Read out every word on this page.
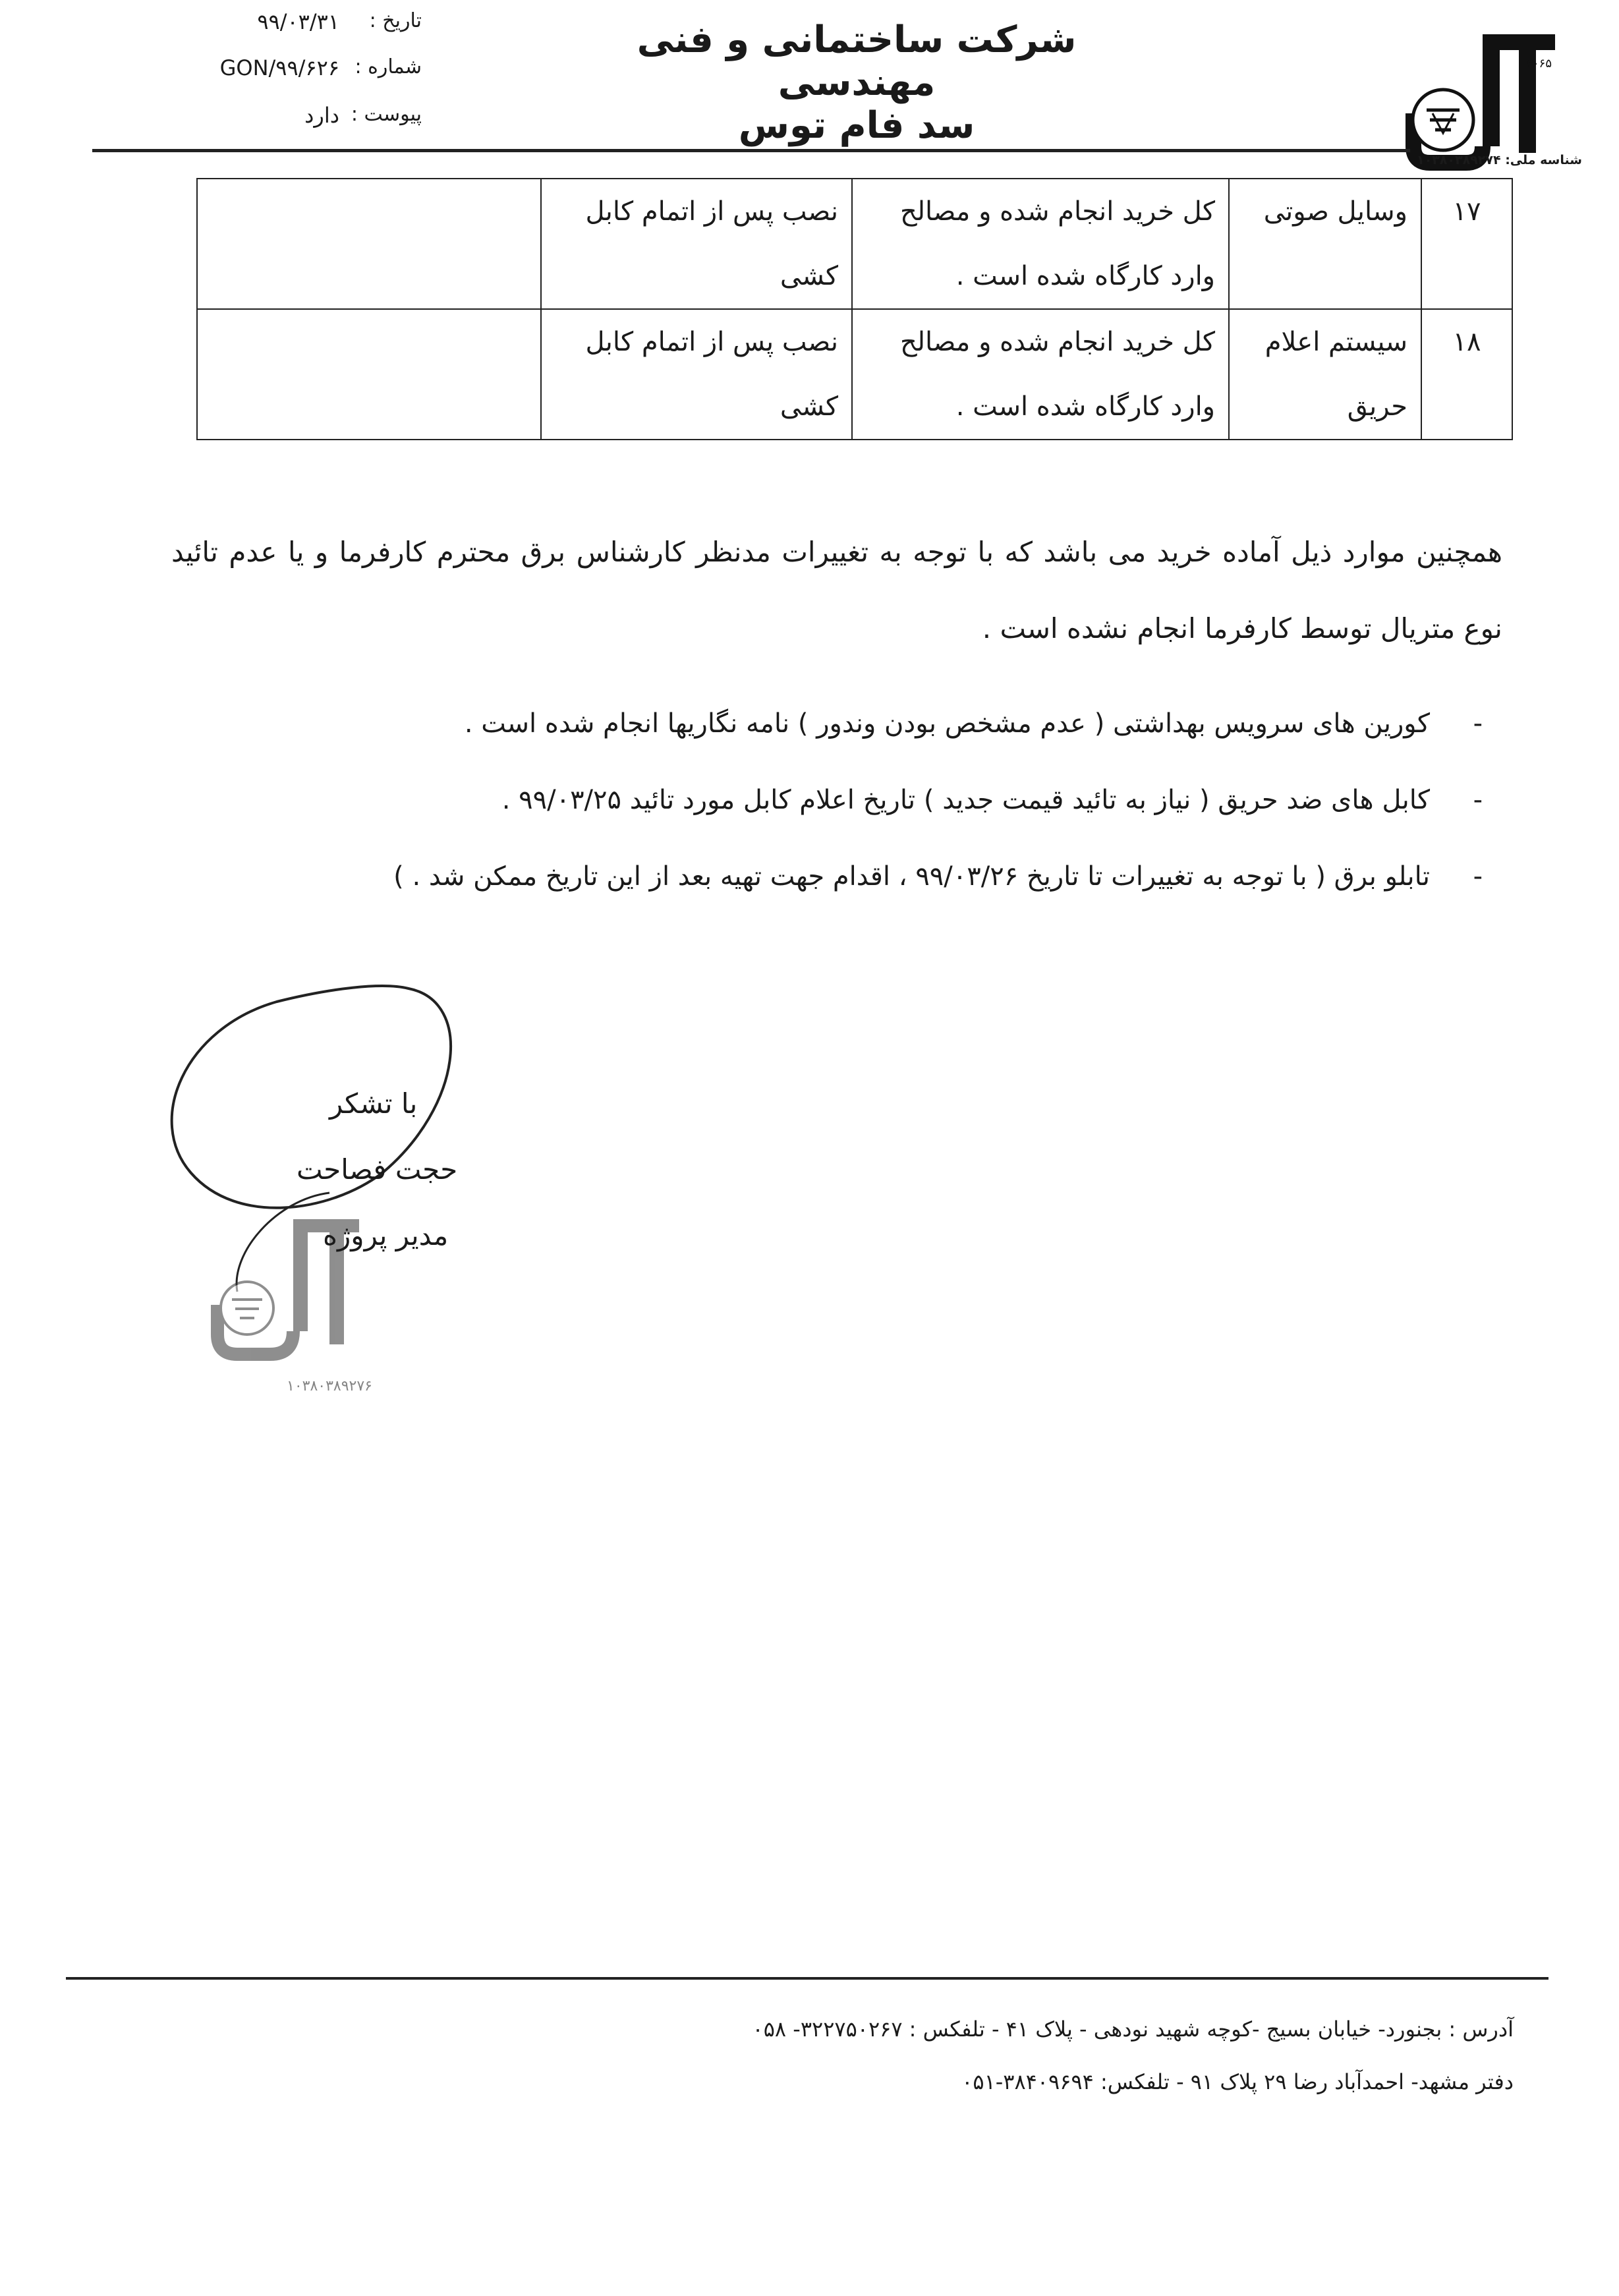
تاریخ :
۹۹/۰۳/۳۱
شماره :
GON/۹۹/۶۲۶
پیوست :
دارد
شرکت ساختمانی و فنی مهندسی
سد فام توس
۳۰۶۵
شناسه ملی: ۱۰۳۸۰۳۸۹۲۷۴
۱۷	وسایل صوتی	کل خرید انجام شده و مصالح وارد کارگاه شده است .	نصب پس از اتمام کابل کشی	
۱۸	سیستم اعلام حریق	کل خرید انجام شده و مصالح وارد کارگاه شده است .	نصب پس از اتمام کابل کشی	
همچنین موارد ذیل آماده خرید می باشد که با توجه به تغییرات مدنظر کارشناس برق محترم کارفرما و یا عدم تائید نوع متریال توسط کارفرما انجام نشده است .
-
کورین های سرویس بهداشتی ( عدم مشخص بودن وندور ) نامه نگاریها انجام شده است .
-
کابل های ضد حریق ( نیاز به تائید قیمت جدید ) تاریخ اعلام کابل مورد تائید ۹۹/۰۳/۲۵ .
-
تابلو برق ( با توجه به تغییرات تا تاریخ ۹۹/۰۳/۲۶ ، اقدام جهت تهیه بعد از این تاریخ ممکن شد . )
۱۰۳۸۰۳۸۹۲۷۶
با تشکر
حجت فصاحت
مدیر پروژه
آدرس : بجنورد- خیابان بسیج -کوچه شهید نودهی - پلاک ۴۱ - تلفکس : ۳۲۲۷۵۰۲۶۷- ۰۵۸
دفتر مشهد- احمدآباد رضا ۲۹ پلاک ۹۱ - تلفکس: ۳۸۴۰۹۶۹۴-۰۵۱
